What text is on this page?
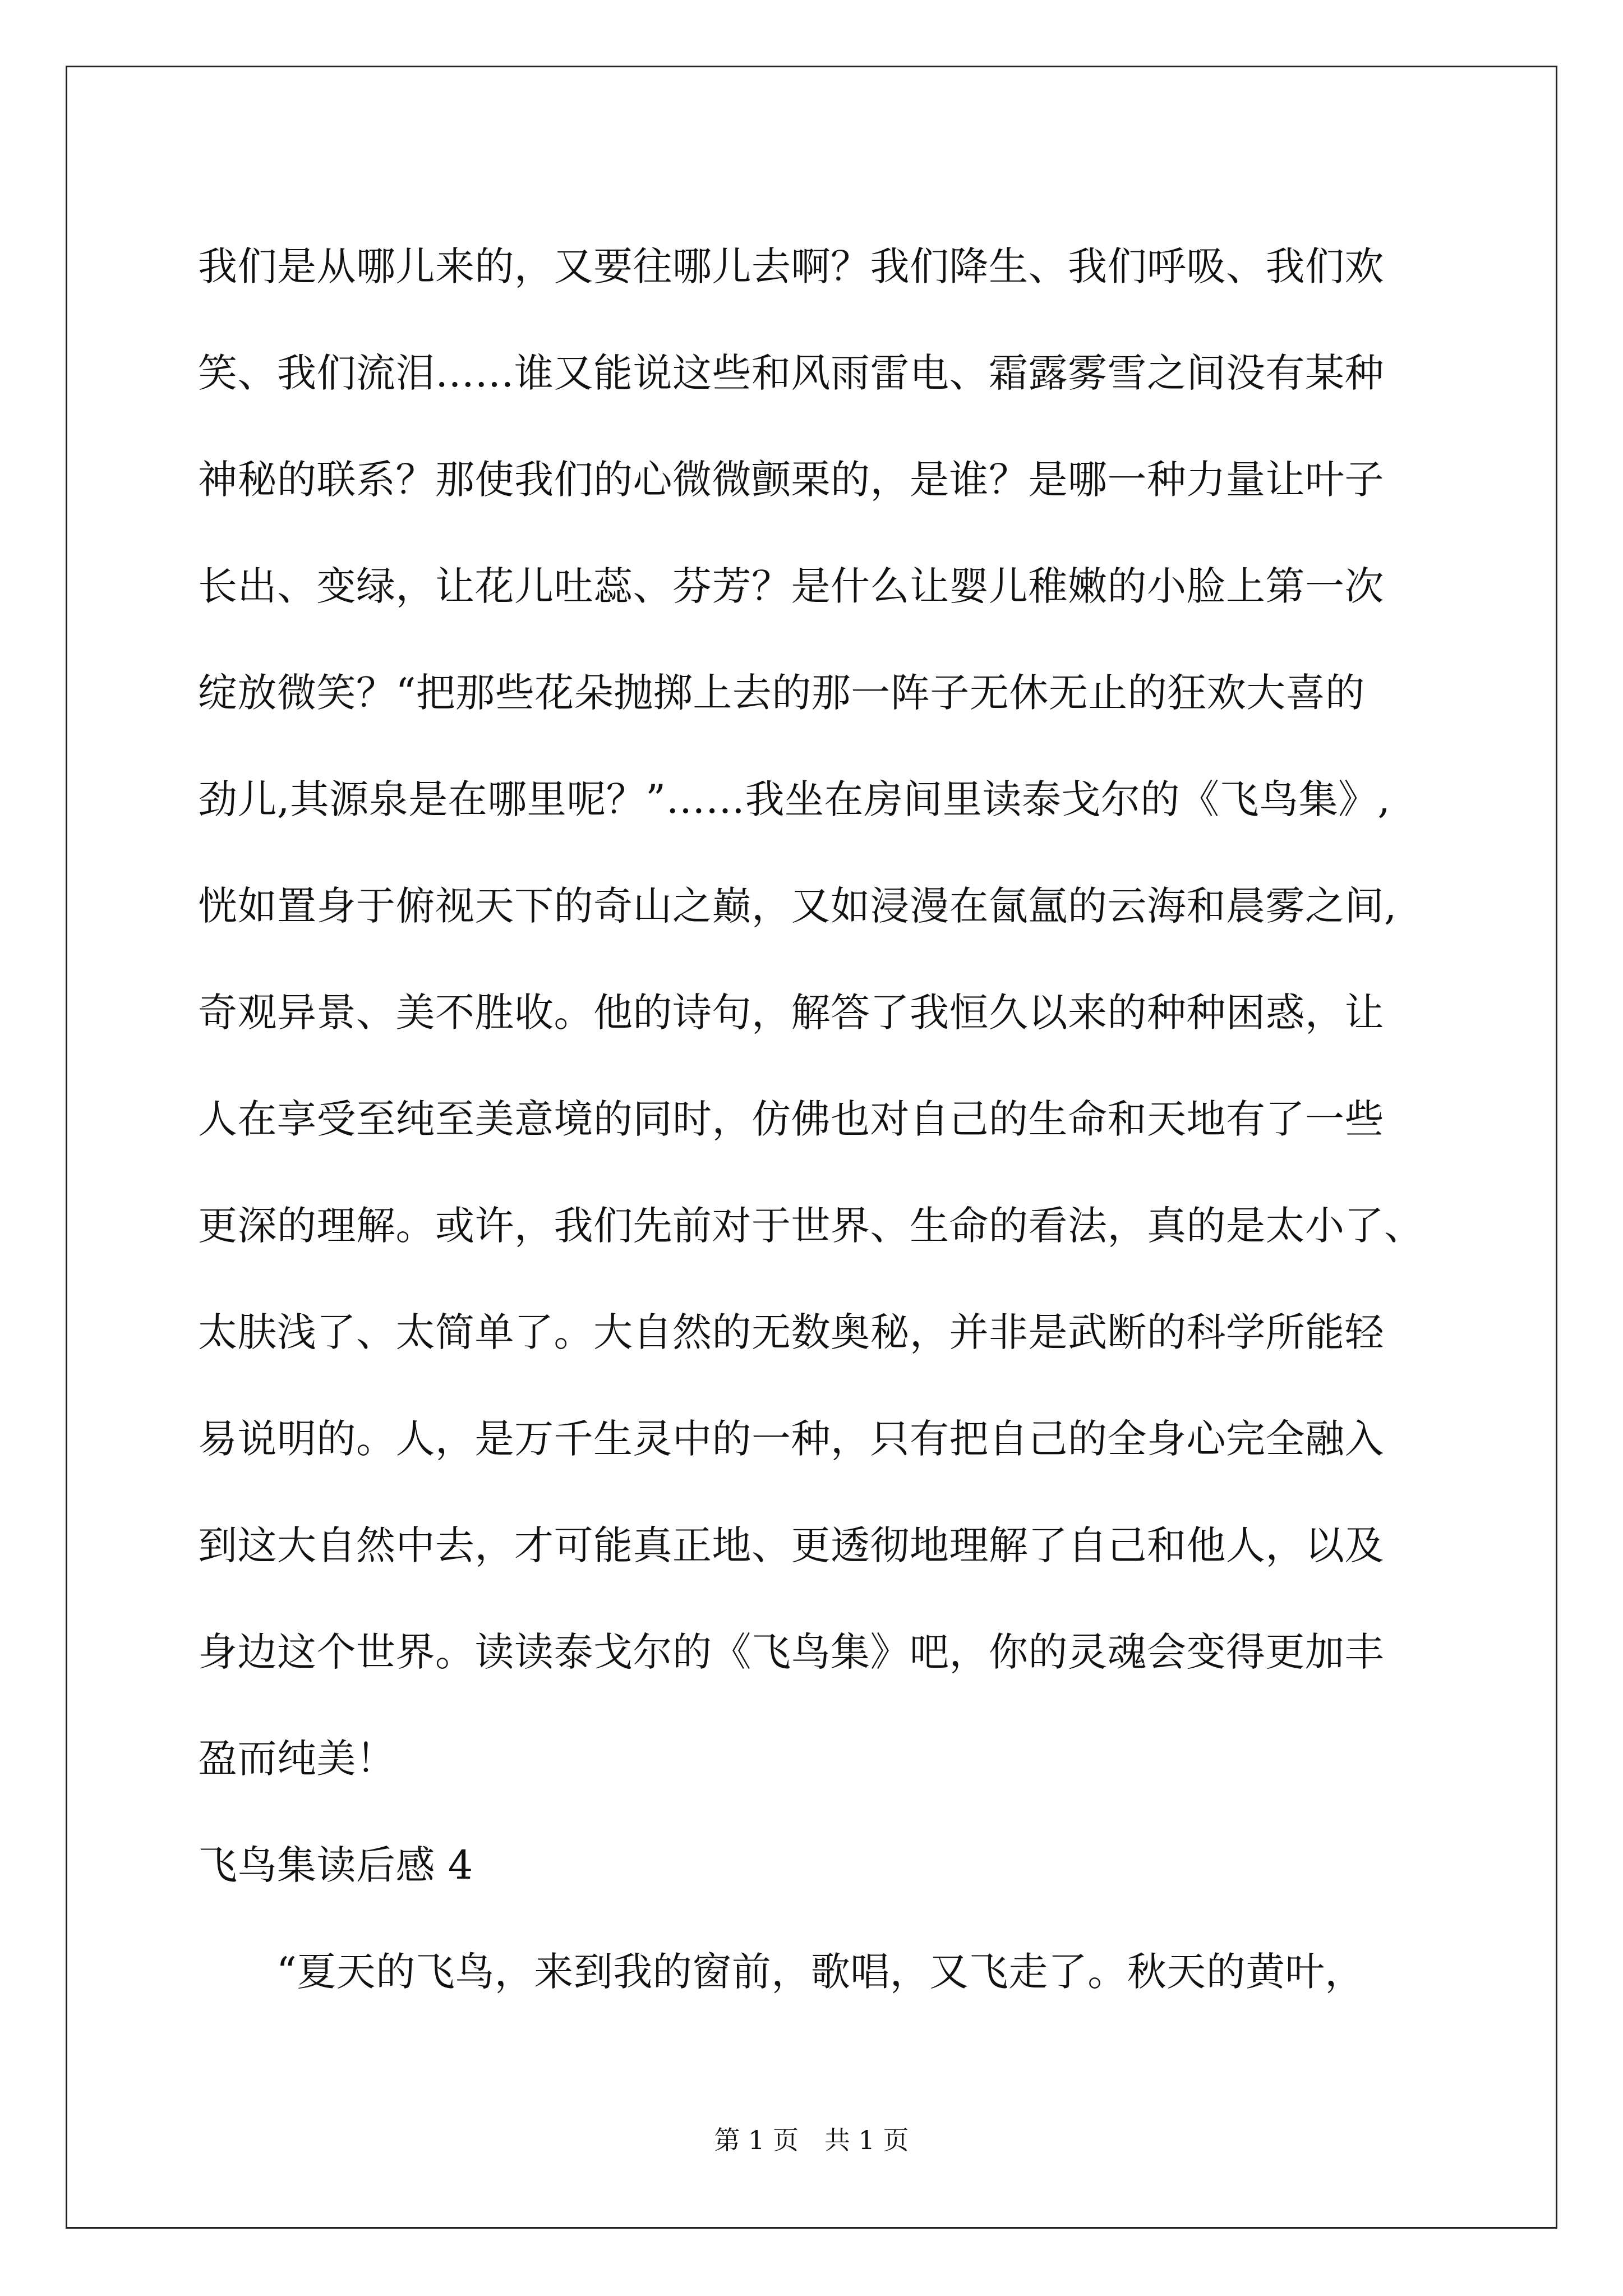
我们是从哪儿来的，又要往哪儿去啊？我们降生、我们呼吸、我们欢
笑、我们流泪……谁又能说这些和风雨雷电、霜露雾雪之间没有某种
神秘的联系？那使我们的心微微颤栗的，是谁？是哪一种力量让叶子
长出、变绿，让花儿吐蕊、芬芳？是什么让婴儿稚嫩的小脸上第一次
绽放微笑？“把那些花朵抛掷上去的那一阵子无休无止的狂欢大喜的
劲儿,其源泉是在哪里呢？”……我坐在房间里读泰戈尔的《飞鸟集》,
恍如置身于俯视天下的奇山之巅，又如浸漫在氤氲的云海和晨雾之间,
奇观异景、美不胜收。他的诗句，解答了我恒久以来的种种困惑，让
人在享受至纯至美意境的同时，仿佛也对自己的生命和天地有了一些
更深的理解。或许，我们先前对于世界、生命的看法，真的是太小了、
太肤浅了、太简单了。大自然的无数奥秘，并非是武断的科学所能轻
易说明的。人，是万千生灵中的一种，只有把自己的全身心完全融入
到这大自然中去，才可能真正地、更透彻地理解了自己和他人，以及
身边这个世界。读读泰戈尔的《飞鸟集》吧，你的灵魂会变得更加丰
盈而纯美！
飞鸟集读后感 4
“夏天的飞鸟，来到我的窗前，歌唱，又飞走了。秋天的黄叶，
第 1 页 共 1 页
